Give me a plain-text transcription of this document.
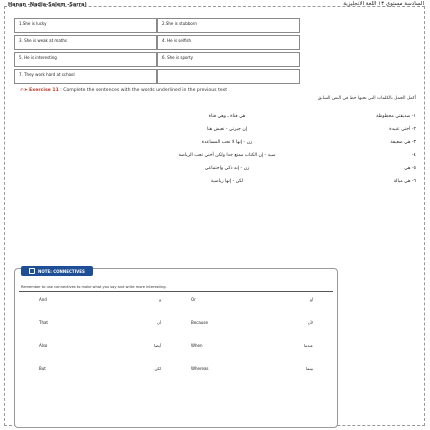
Hanan -Nadia-Salem -Sarra)	السادسة مستوى ١٣ اللغة الانجليزية
1.She is lucky	2.She is stubborn
3. She is weak at maths	4. He is selfish
5. He is interesting	6. She is sporty
7. They work hard at school
✍➤ Exercise 11 : Complete the sentences with the words underlined in the previous text
أكمل الجمل بالكلمات التي تحتها خط في النص السابق
هي فتاة ـ وهي فتاة	١- صديقتي محظوظة
إن جيرتي - تعيش هنا	٢- أختي عنيدة
زن - إنها لا تحب المساعدة	٣- هي ضعيفة
سيد - إن الكتاب ممتع جدا ولكن أختي تحب الرياضة	٤-
زن - إنه ذكي واجتماعي	٥- هي
لكن - إنها رياضية	٦- هي ميالة
NOTE: CONNECTIVES
Remember to use connectives to make what you say and write more interesting.
And	و	Or	أو
That	أن	Because	لأن
Also	أيضا	When	عندما
But	لكن	Whereas	بينما
